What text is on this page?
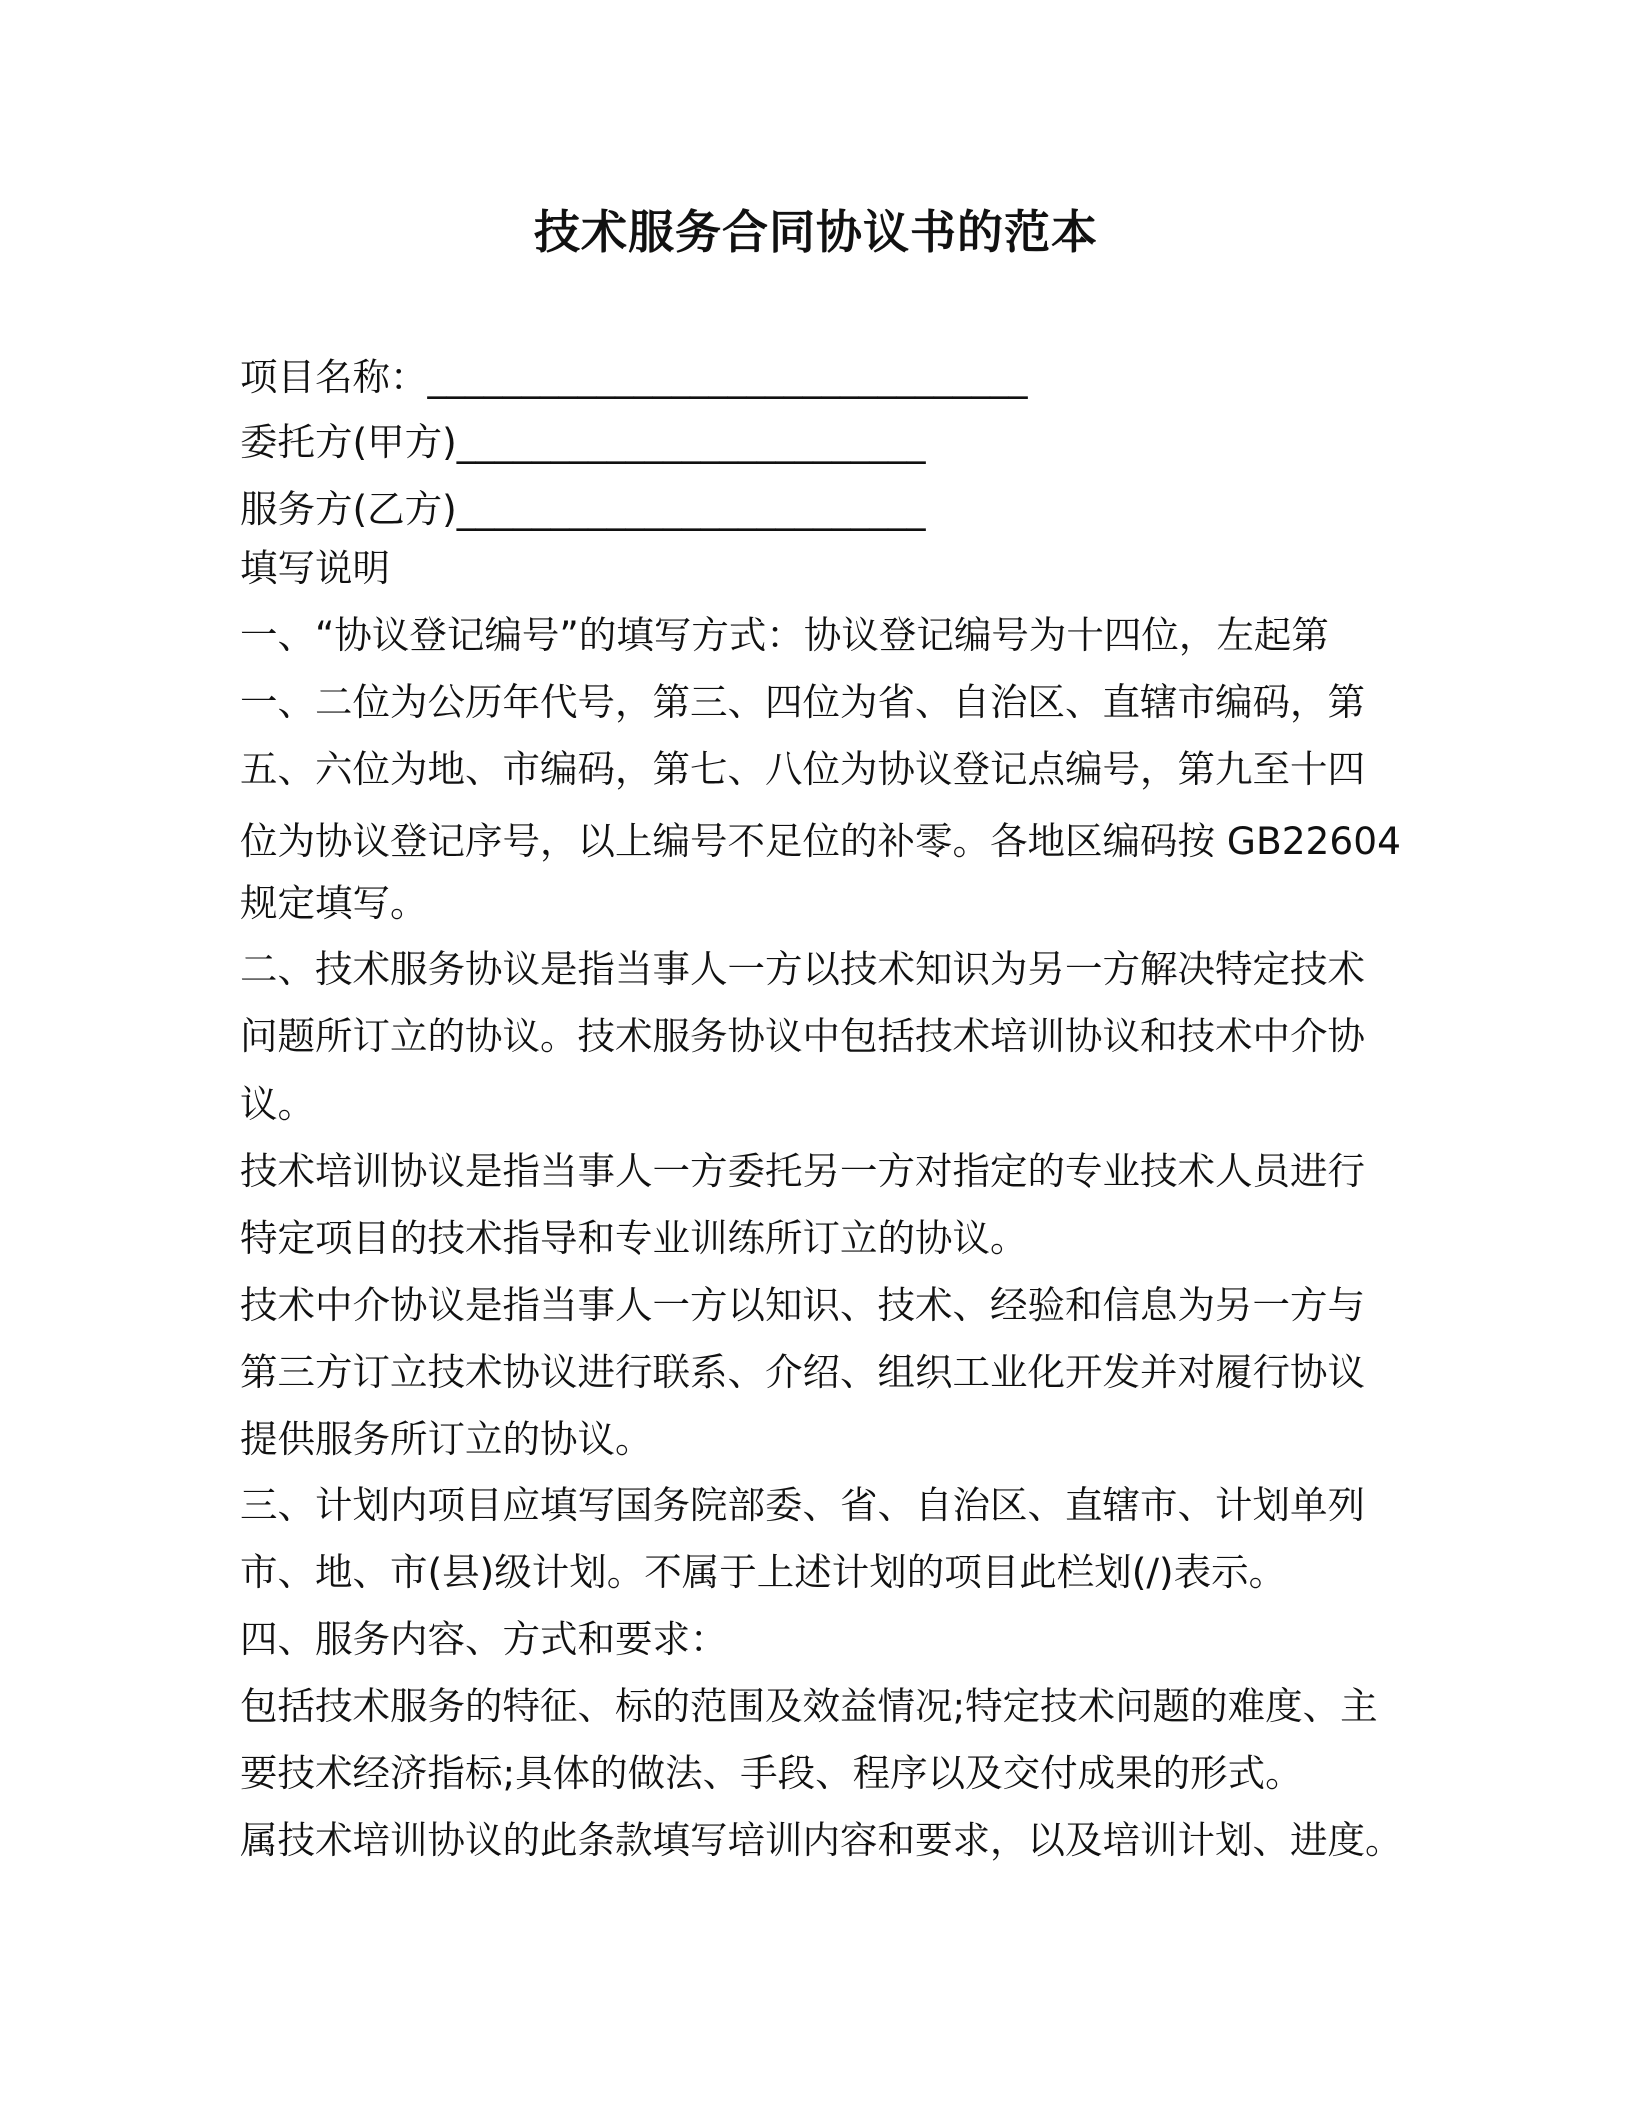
技术服务合同协议书的范本
项目名称：________________________________
委托方(甲方)_________________________
服务方(乙方)_________________________
填写说明
一、“协议登记编号”的填写方式：协议登记编号为十四位，左起第
一、二位为公历年代号，第三、四位为省、自治区、直辖市编码，第
五、六位为地、市编码，第七、八位为协议登记点编号，第九至十四
位为协议登记序号，以上编号不足位的补零。各地区编码按 GB22604
规定填写。
二、技术服务协议是指当事人一方以技术知识为另一方解决特定技术
问题所订立的协议。技术服务协议中包括技术培训协议和技术中介协
议。
技术培训协议是指当事人一方委托另一方对指定的专业技术人员进行
特定项目的技术指导和专业训练所订立的协议。
技术中介协议是指当事人一方以知识、技术、经验和信息为另一方与
第三方订立技术协议进行联系、介绍、组织工业化开发并对履行协议
提供服务所订立的协议。
三、计划内项目应填写国务院部委、省、自治区、直辖市、计划单列
市、地、市(县)级计划。不属于上述计划的项目此栏划(/)表示。
四、服务内容、方式和要求：
包括技术服务的特征、标的范围及效益情况;特定技术问题的难度、主
要技术经济指标;具体的做法、手段、程序以及交付成果的形式。
属技术培训协议的此条款填写培训内容和要求，以及培训计划、进度。
